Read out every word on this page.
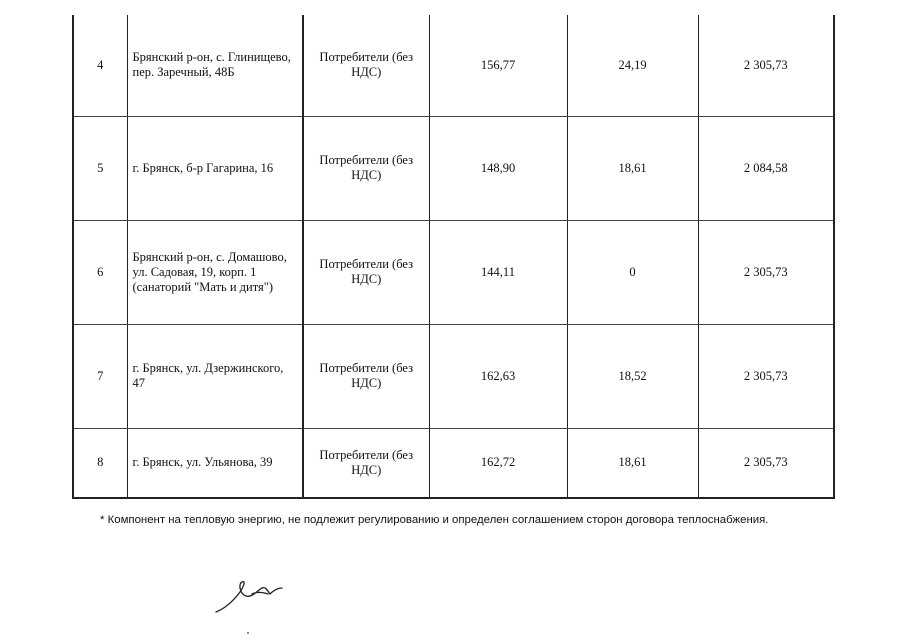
4	Брянский р-он, с. Глинищево, пер. Заречный, 48Б	Потребители (без НДС)	156,77	24,19	2 305,73
5	г. Брянск, б-р Гагарина, 16	Потребители (без НДС)	148,90	18,61	2 084,58
6	Брянский р-он, с. Домашово, ул. Садовая, 19, корп. 1 (санаторий "Мать и дитя")	Потребители (без НДС)	144,11	0	2 305,73
7	г. Брянск, ул. Дзержинского, 47	Потребители (без НДС)	162,63	18,52	2 305,73
8	г. Брянск, ул. Ульянова, 39	Потребители (без НДС)	162,72	18,61	2 305,73
* Компонент на тепловую энергию, не подлежит регулированию и определен соглашением сторон договора теплоснабжения.
